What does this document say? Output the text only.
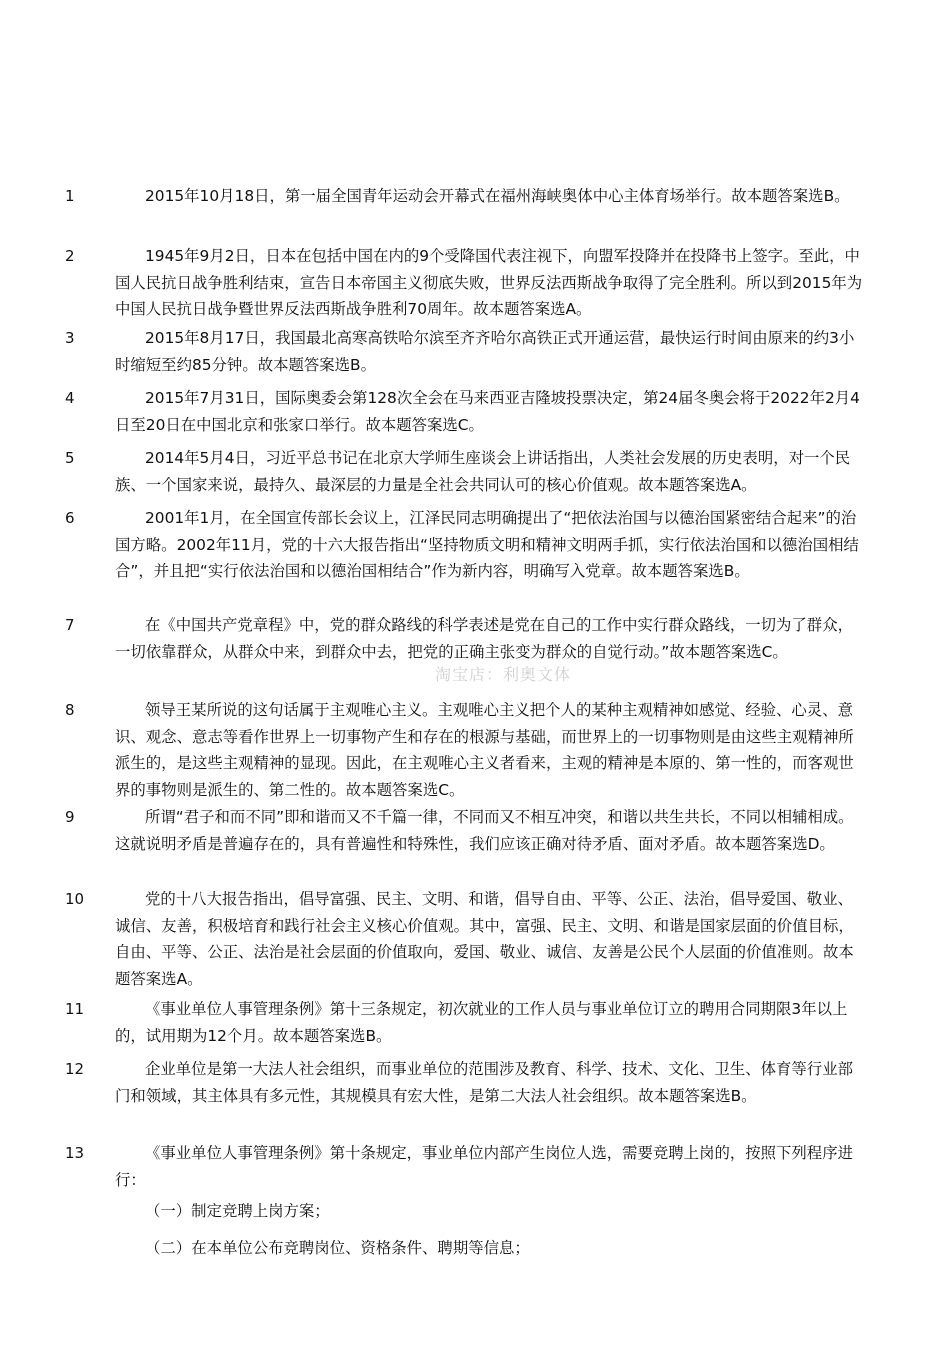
1	2015年10月18日，第一届全国青年运动会开幕式在福州海峡奥体中心主体育场举行。故本题答案选B。

2	1945年9月2日，日本在包括中国在内的9个受降国代表注视下，向盟军投降并在投降书上签字。至此，中国人民抗日战争胜利结束，宣告日本帝国主义彻底失败，世界反法西斯战争取得了完全胜利。所以到2015年为中国人民抗日战争暨世界反法西斯战争胜利70周年。故本题答案选A。

3	2015年8月17日，我国最北高寒高铁哈尔滨至齐齐哈尔高铁正式开通运营，最快运行时间由原来的约3小时缩短至约85分钟。故本题答案选B。

4	2015年7月31日，国际奥委会第128次全会在马来西亚吉隆坡投票决定，第24届冬奥会将于2022年2月4日至20日在中国北京和张家口举行。故本题答案选C。

5	2014年5月4日，习近平总书记在北京大学师生座谈会上讲话指出，人类社会发展的历史表明，对一个民族、一个国家来说，最持久、最深层的力量是全社会共同认可的核心价值观。故本题答案选A。

6	2001年1月，在全国宣传部长会议上，江泽民同志明确提出了“把依法治国与以德治国紧密结合起来”的治国方略。2002年11月，党的十六大报告指出“坚持物质文明和精神文明两手抓，实行依法治国和以德治国相结合”，并且把“实行依法治国和以德治国相结合”作为新内容，明确写入党章。故本题答案选B。

7	在《中国共产党章程》中，党的群众路线的科学表述是党在自己的工作中实行群众路线，一切为了群众，一切依靠群众，从群众中来，到群众中去，把党的正确主张变为群众的自觉行动。”故本题答案选C。

8	领导王某所说的这句话属于主观唯心主义。主观唯心主义把个人的某种主观精神如感觉、经验、心灵、意识、观念、意志等看作世界上一切事物产生和存在的根源与基础，而世界上的一切事物则是由这些主观精神所派生的，是这些主观精神的显现。因此，在主观唯心主义者看来，主观的精神是本原的、第一性的，而客观世界的事物则是派生的、第二性的。故本题答案选C。

9	所谓“君子和而不同”即和谐而又不千篇一律，不同而又不相互冲突，和谐以共生共长，不同以相辅相成。这就说明矛盾是普遍存在的，具有普遍性和特殊性，我们应该正确对待矛盾、面对矛盾。故本题答案选D。

10	党的十八大报告指出，倡导富强、民主、文明、和谐，倡导自由、平等、公正、法治，倡导爱国、敬业、诚信、友善，积极培育和践行社会主义核心价值观。其中，富强、民主、文明、和谐是国家层面的价值目标，自由、平等、公正、法治是社会层面的价值取向，爱国、敬业、诚信、友善是公民个人层面的价值准则。故本题答案选A。

11	《事业单位人事管理条例》第十三条规定，初次就业的工作人员与事业单位订立的聘用合同期限3年以上的，试用期为12个月。故本题答案选B。

12	企业单位是第一大法人社会组织，而事业单位的范围涉及教育、科学、技术、文化、卫生、体育等行业部门和领域，其主体具有多元性，其规模具有宏大性，是第二大法人社会组织。故本题答案选B。

13	《事业单位人事管理条例》第十条规定，事业单位内部产生岗位人选，需要竞聘上岗的，按照下列程序进行：

（一）制定竞聘上岗方案；

（二）在本单位公布竞聘岗位、资格条件、聘期等信息；

淘宝店：利奥文体
